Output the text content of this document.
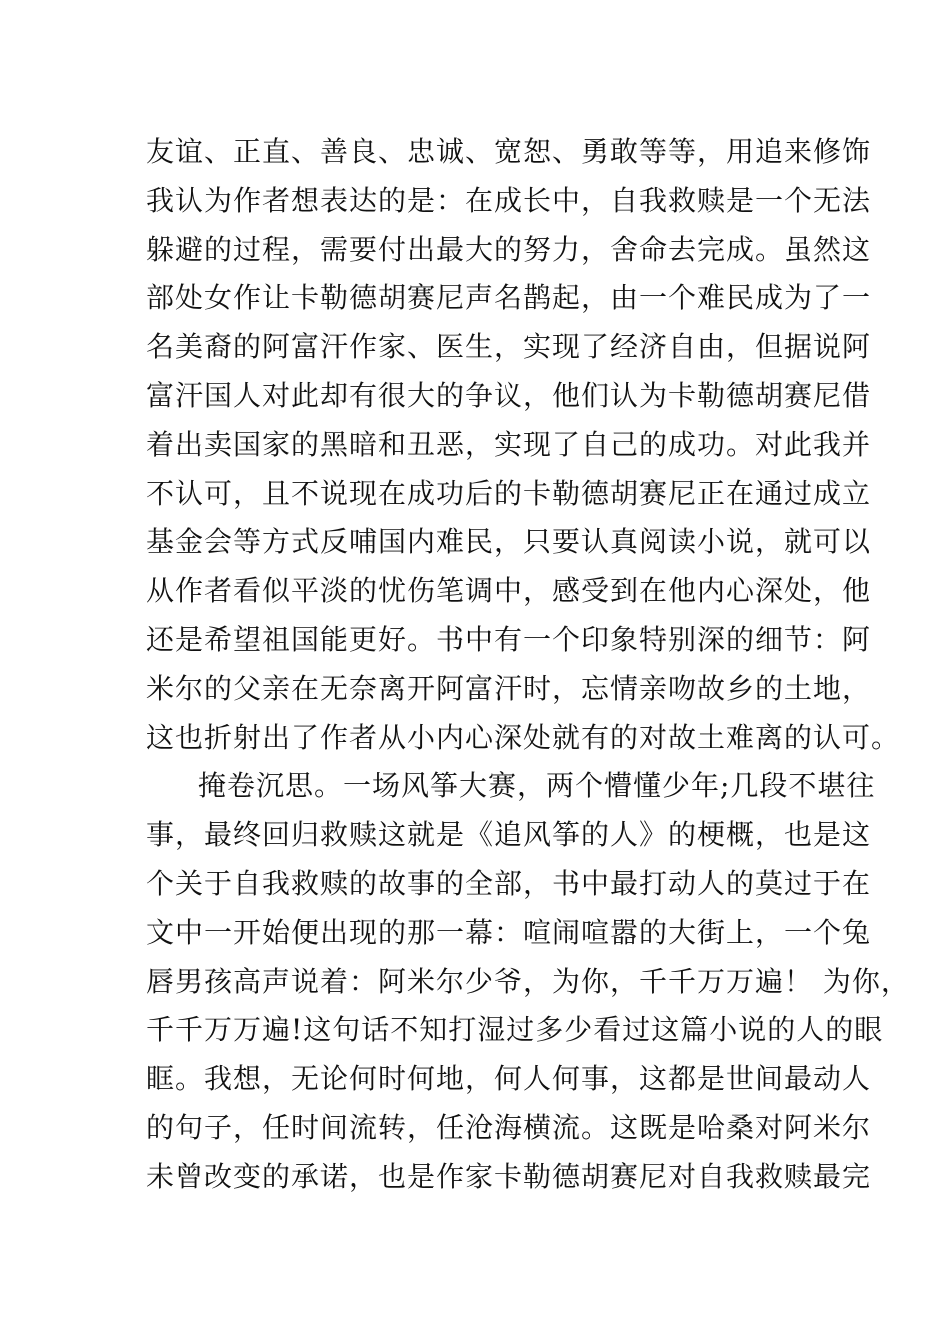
友谊、正直、善良、忠诚、宽恕、勇敢等等，用追来修饰
我认为作者想表达的是：在成长中，自我救赎是一个无法
躲避的过程，需要付出最大的努力，舍命去完成。虽然这
部处女作让卡勒德胡赛尼声名鹊起，由一个难民成为了一
名美裔的阿富汗作家、医生，实现了经济自由，但据说阿
富汗国人对此却有很大的争议，他们认为卡勒德胡赛尼借
着出卖国家的黑暗和丑恶，实现了自己的成功。对此我并
不认可，且不说现在成功后的卡勒德胡赛尼正在通过成立
基金会等方式反哺国内难民，只要认真阅读小说，就可以
从作者看似平淡的忧伤笔调中，感受到在他内心深处，他
还是希望祖国能更好。书中有一个印象特别深的细节：阿
米尔的父亲在无奈离开阿富汗时，忘情亲吻故乡的土地，
这也折射出了作者从小内心深处就有的对故土难离的认可。
掩卷沉思。一场风筝大赛，两个懵懂少年;几段不堪往
事，最终回归救赎这就是《追风筝的人》的梗概，也是这
个关于自我救赎的故事的全部，书中最打动人的莫过于在
文中一开始便出现的那一幕：喧闹喧嚣的大街上，一个兔
唇男孩高声说着：阿米尔少爷，为你，千千万万遍！ 为你，
千千万万遍!这句话不知打湿过多少看过这篇小说的人的眼
眶。我想，无论何时何地，何人何事，这都是世间最动人
的句子，任时间流转，任沧海横流。这既是哈桑对阿米尔
未曾改变的承诺，也是作家卡勒德胡赛尼对自我救赎最完
